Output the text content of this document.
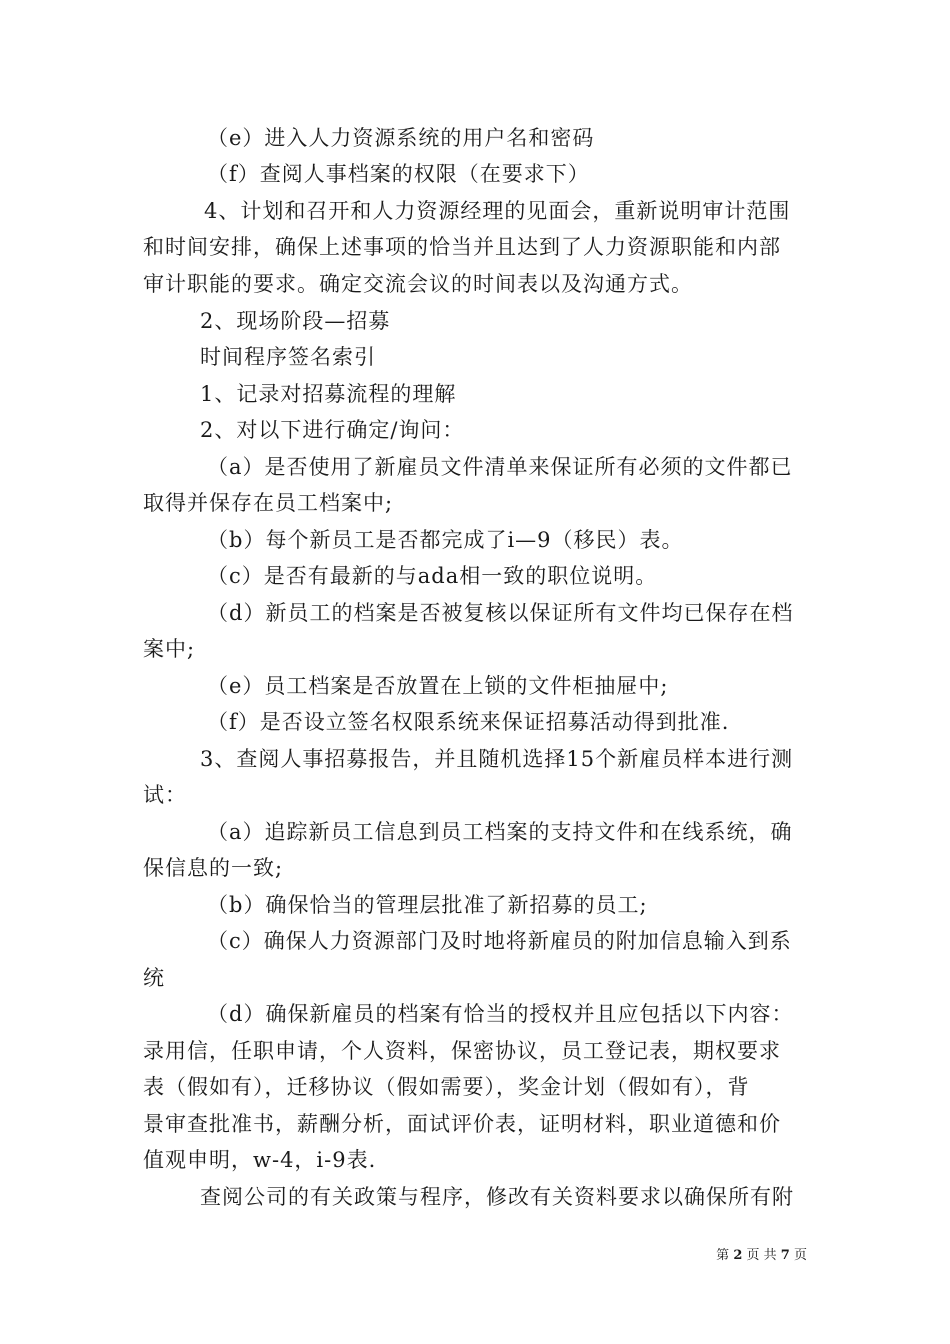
（e）进入人力资源系统的用户名和密码
（f）查阅人事档案的权限（在要求下）
4、计划和召开和人力资源经理的见面会，重新说明审计范围
和时间安排，确保上述事项的恰当并且达到了人力资源职能和内部
审计职能的要求。确定交流会议的时间表以及沟通方式。
2、现场阶段—招募
时间程序签名索引
1、记录对招募流程的理解
2、对以下进行确定/询问：
（a）是否使用了新雇员文件清单来保证所有必须的文件都已
取得并保存在员工档案中;
（b）每个新员工是否都完成了i—9（移民）表。
（c）是否有最新的与ada相一致的职位说明。
（d）新员工的档案是否被复核以保证所有文件均已保存在档
案中;
（e）员工档案是否放置在上锁的文件柜抽屉中;
（f）是否设立签名权限系统来保证招募活动得到批准.
3、查阅人事招募报告，并且随机选择15个新雇员样本进行测
试：
（a）追踪新员工信息到员工档案的支持文件和在线系统，确
保信息的一致;
（b）确保恰当的管理层批准了新招募的员工;
（c）确保人力资源部门及时地将新雇员的附加信息输入到系
统
（d）确保新雇员的档案有恰当的授权并且应包括以下内容：
录用信，任职申请，个人资料，保密协议，员工登记表，期权要求
表（假如有），迁移协议（假如需要），奖金计划（假如有），背
景审查批准书，薪酬分析，面试评价表，证明材料，职业道德和价
值观申明，w-4，i-9表.
查阅公司的有关政策与程序，修改有关资料要求以确保所有附
第 2 页 共 7 页
